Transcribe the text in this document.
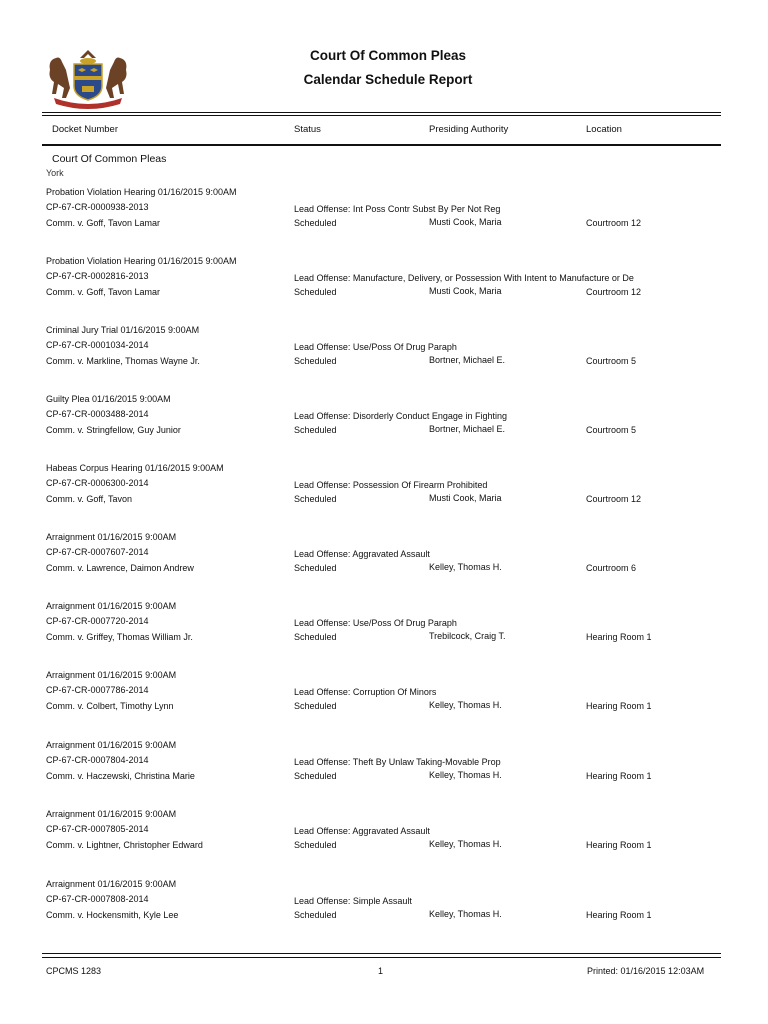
Court Of Common Pleas
Calendar Schedule Report
Docket Number	Status	Presiding Authority	Location
Court Of Common Pleas
York
Probation Violation Hearing 01/16/2015 9:00AM
CP-67-CR-0000938-2013
Comm. v. Goff, Tavon Lamar
Lead Offense: Int Poss Contr Subst By Per Not Reg
Scheduled	Musti Cook, Maria	Courtroom 12
Probation Violation Hearing 01/16/2015 9:00AM
CP-67-CR-0002816-2013
Comm. v. Goff, Tavon Lamar
Lead Offense: Manufacture, Delivery, or Possession With Intent to Manufacture or De
Scheduled	Musti Cook, Maria	Courtroom 12
Criminal Jury Trial 01/16/2015 9:00AM
CP-67-CR-0001034-2014
Comm. v. Markline, Thomas Wayne Jr.
Lead Offense: Use/Poss Of Drug Paraph
Scheduled	Bortner, Michael E.	Courtroom 5
Guilty Plea 01/16/2015 9:00AM
CP-67-CR-0003488-2014
Comm. v. Stringfellow, Guy Junior
Lead Offense: Disorderly Conduct Engage in Fighting
Scheduled	Bortner, Michael E.	Courtroom 5
Habeas Corpus Hearing 01/16/2015 9:00AM
CP-67-CR-0006300-2014
Comm. v. Goff, Tavon
Lead Offense: Possession Of Firearm Prohibited
Scheduled	Musti Cook, Maria	Courtroom 12
Arraignment 01/16/2015 9:00AM
CP-67-CR-0007607-2014
Comm. v. Lawrence, Daimon Andrew
Lead Offense: Aggravated Assault
Scheduled	Kelley, Thomas H.	Courtroom 6
Arraignment 01/16/2015 9:00AM
CP-67-CR-0007720-2014
Comm. v. Griffey, Thomas William Jr.
Lead Offense: Use/Poss Of Drug Paraph
Scheduled	Trebilcock, Craig T.	Hearing Room 1
Arraignment 01/16/2015 9:00AM
CP-67-CR-0007786-2014
Comm. v. Colbert, Timothy Lynn
Lead Offense: Corruption Of Minors
Scheduled	Kelley, Thomas H.	Hearing Room 1
Arraignment 01/16/2015 9:00AM
CP-67-CR-0007804-2014
Comm. v. Haczewski, Christina Marie
Lead Offense: Theft By Unlaw Taking-Movable Prop
Scheduled	Kelley, Thomas H.	Hearing Room 1
Arraignment 01/16/2015 9:00AM
CP-67-CR-0007805-2014
Comm. v. Lightner, Christopher Edward
Lead Offense: Aggravated Assault
Scheduled	Kelley, Thomas H.	Hearing Room 1
Arraignment 01/16/2015 9:00AM
CP-67-CR-0007808-2014
Comm. v. Hockensmith, Kyle Lee
Lead Offense: Simple Assault
Scheduled	Kelley, Thomas H.	Hearing Room 1
CPCMS 1283	1	Printed: 01/16/2015 12:03AM
